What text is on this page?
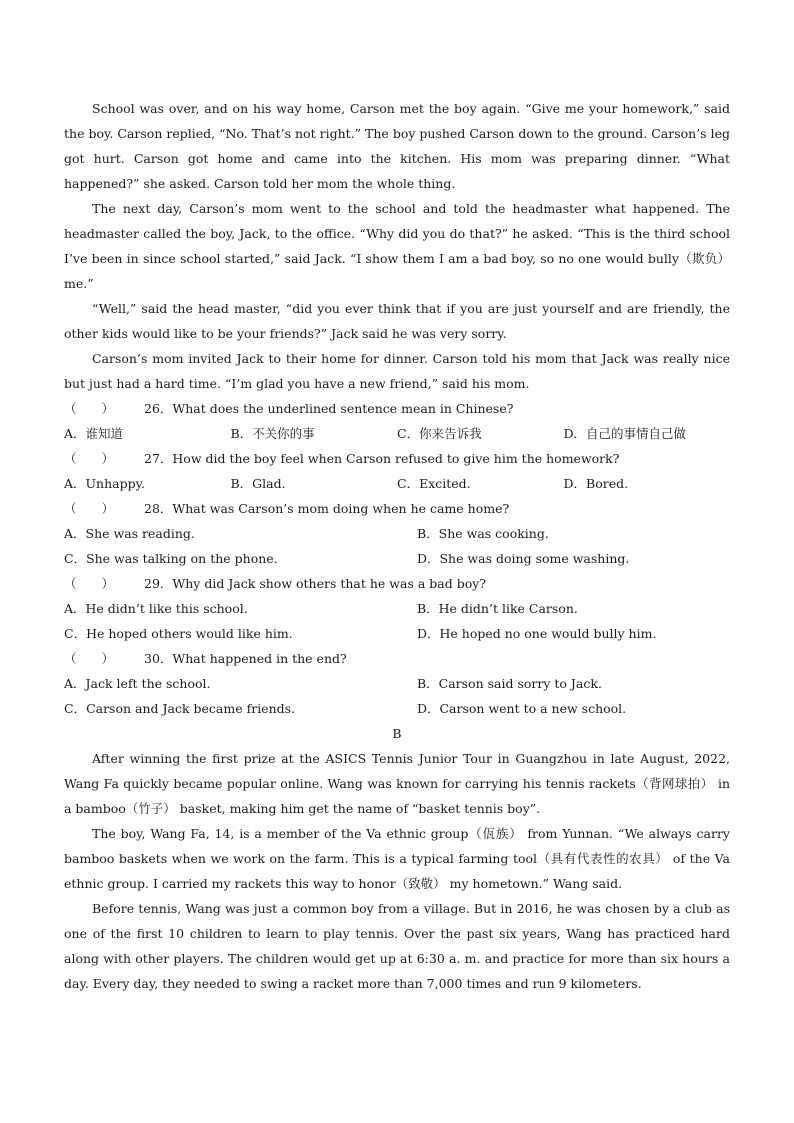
School was over, and on his way home, Carson met the boy again. “Give me your homework,” said the boy. Carson replied, “No. That’s not right.” The boy pushed Carson down to the ground. Carson’s leg got hurt. Carson got home and came into the kitchen. His mom was preparing dinner. “What happened?” she asked. Carson told her mom the whole thing.

The next day, Carson’s mom went to the school and told the headmaster what happened. The headmaster called the boy, Jack, to the office. “Why did you do that?” he asked. “This is the third school I’ve been in since school started,” said Jack. “I show them I am a bad boy, so no one would bully（欺负） me.”

“Well,” said the head master, “did you ever think that if you are just yourself and are friendly, the other kids would like to be your friends?” Jack said he was very sorry.

Carson’s mom invited Jack to their home for dinner. Carson told his mom that Jack was really nice but just had a hard time. “I’m glad you have a new friend,” said his mom.

（　　） 26．What does the underlined sentence mean in Chinese?

A．谁知道	B．不关你的事	C．你来告诉我	D．自己的事情自己做

（　　） 27．How did the boy feel when Carson refused to give him the homework?

A．Unhappy.	B．Glad.	C．Excited.	D．Bored.

（　　） 28．What was Carson’s mom doing when he came home?

A．She was reading.	B．She was cooking.
C．She was talking on the phone.	D．She was doing some washing.

（　　） 29．Why did Jack show others that he was a bad boy?

A．He didn’t like this school.	B．He didn’t like Carson.
C．He hoped others would like him.	D．He hoped no one would bully him.

（　　） 30．What happened in the end?

A．Jack left the school.	B．Carson said sorry to Jack.
C．Carson and Jack became friends.	D．Carson went to a new school.

B

After winning the first prize at the ASICS Tennis Junior Tour in Guangzhou in late August, 2022, Wang Fa quickly became popular online. Wang was known for carrying his tennis rackets（背网球拍） in a bamboo（竹子） basket, making him get the name of “basket tennis boy”.

The boy, Wang Fa, 14, is a member of the Va ethnic group（佤族） from Yunnan. “We always carry bamboo baskets when we work on the farm. This is a typical farming tool（具有代表性的农具） of the Va ethnic group. I carried my rackets this way to honor（致敬） my hometown.” Wang said.

Before tennis, Wang was just a common boy from a village. But in 2016, he was chosen by a club as one of the first 10 children to learn to play tennis. Over the past six years, Wang has practiced hard along with other players. The children would get up at 6:30 a. m. and practice for more than six hours a day. Every day, they needed to swing a racket more than 7,000 times and run 9 kilometers.
